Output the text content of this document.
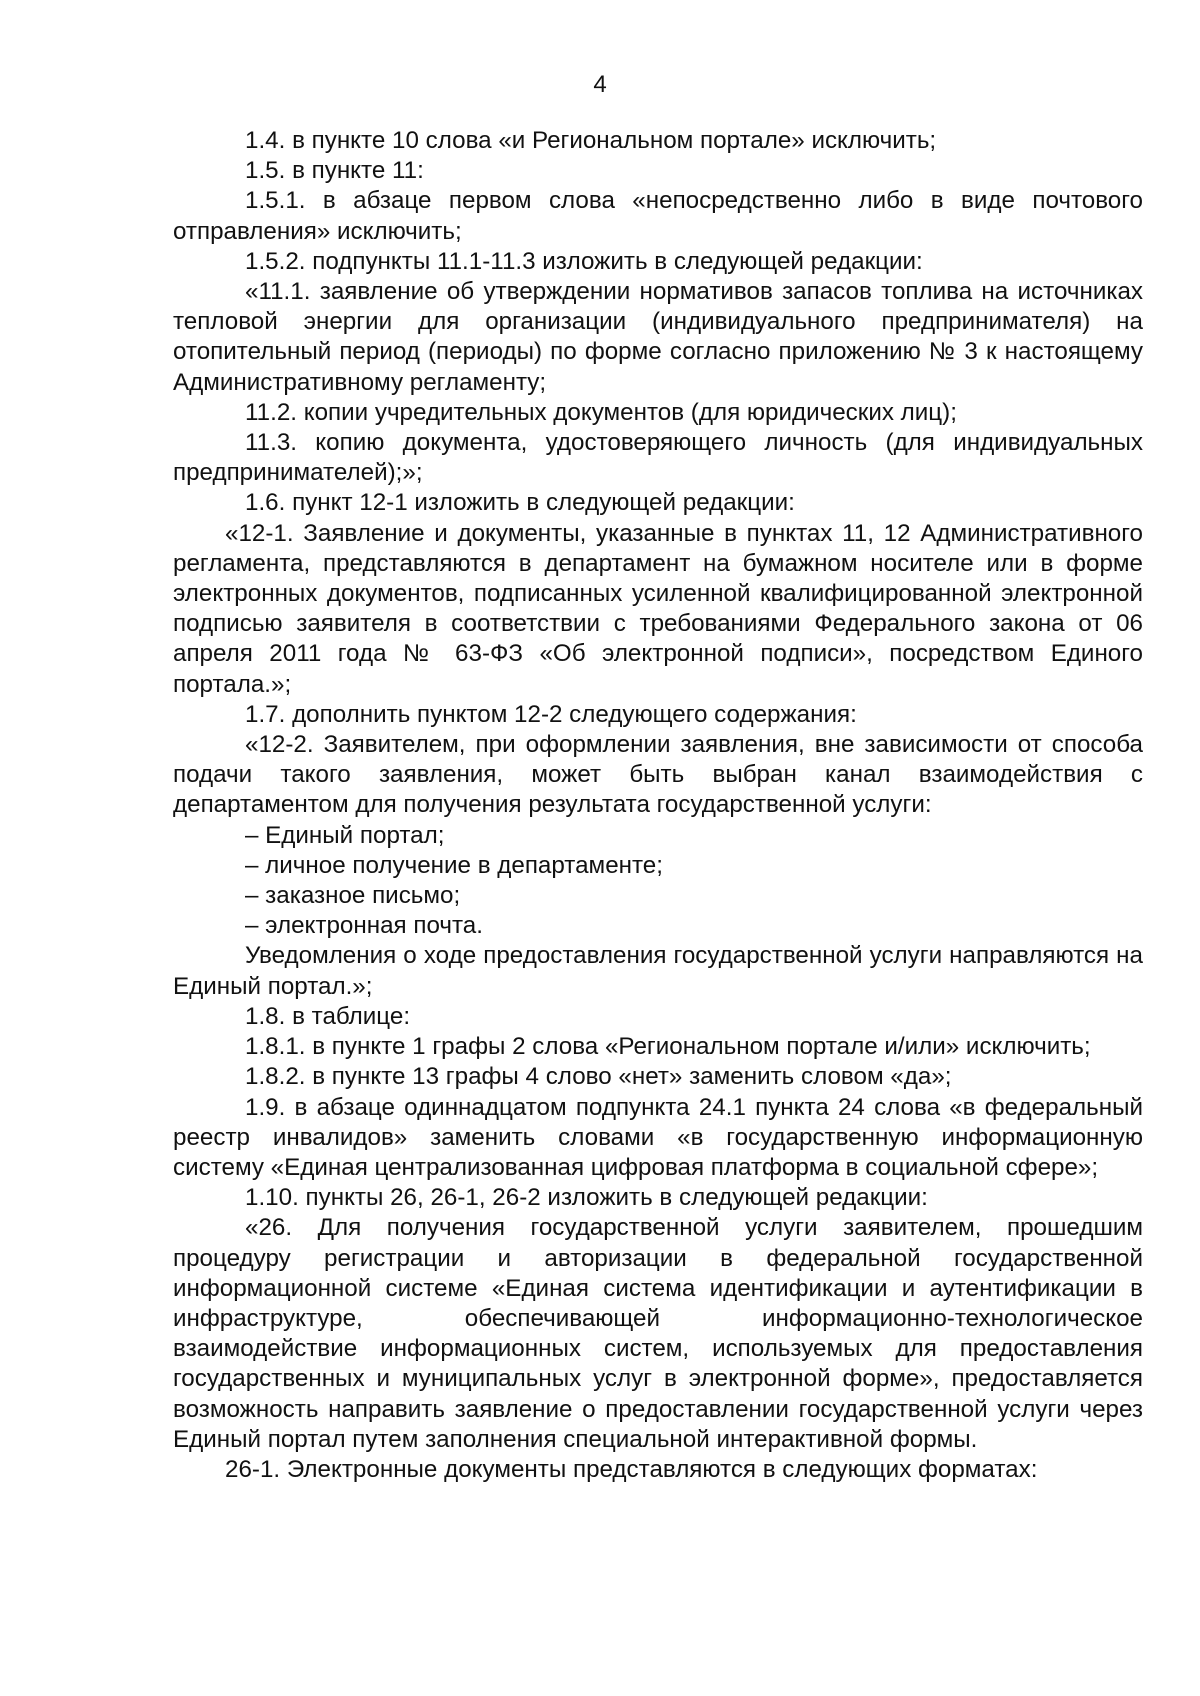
4

1.4. в пункте 10 слова «и Региональном портале» исключить;

1.5. в пункте 11:

1.5.1. в абзаце первом слова «непосредственно либо в виде почтового отправления» исключить;

1.5.2. подпункты 11.1-11.3 изложить в следующей редакции:

«11.1. заявление об утверждении нормативов запасов топлива на источниках тепловой энергии для организации (индивидуального предпринимателя) на отопительный период (периоды) по форме согласно приложению № 3 к настоящему Административному регламенту;

11.2. копии учредительных документов (для юридических лиц);

11.3. копию документа, удостоверяющего личность (для индивидуальных предпринимателей);»;

1.6. пункт 12-1 изложить в следующей редакции:

«12-1. Заявление и документы, указанные в пунктах 11, 12 Административного регламента, представляются в департамент на бумажном носителе или в форме электронных документов, подписанных усиленной квалифицированной электронной подписью заявителя в соответствии с требованиями Федерального закона от 06 апреля 2011 года № 63-ФЗ «Об электронной подписи», посредством Единого портала.»;

1.7. дополнить пунктом 12-2 следующего содержания:

«12-2. Заявителем, при оформлении заявления, вне зависимости от способа подачи такого заявления, может быть выбран канал взаимодействия с департаментом для получения результата государственной услуги:

– Единый портал;

– личное получение в департаменте;

– заказное письмо;

– электронная почта.

Уведомления о ходе предоставления государственной услуги направляются на Единый портал.»;

1.8. в таблице:

1.8.1. в пункте 1 графы 2 слова «Региональном портале и/или» исключить;

1.8.2. в пункте 13 графы 4 слово «нет» заменить словом «да»;

1.9. в абзаце одиннадцатом подпункта 24.1 пункта 24 слова «в федеральный реестр инвалидов» заменить словами «в государственную информационную систему «Единая централизованная цифровая платформа в социальной сфере»;

1.10. пункты 26, 26-1, 26-2 изложить в следующей редакции:

«26. Для получения государственной услуги заявителем, прошедшим процедуру регистрации и авторизации в федеральной государственной информационной системе «Единая система идентификации и аутентификации в инфраструктуре, обеспечивающей информационно-технологическое взаимодействие информационных систем, используемых для предоставления государственных и муниципальных услуг в электронной форме», предоставляется возможность направить заявление о предоставлении государственной услуги через Единый портал путем заполнения специальной интерактивной формы.

26-1. Электронные документы представляются в следующих форматах:
